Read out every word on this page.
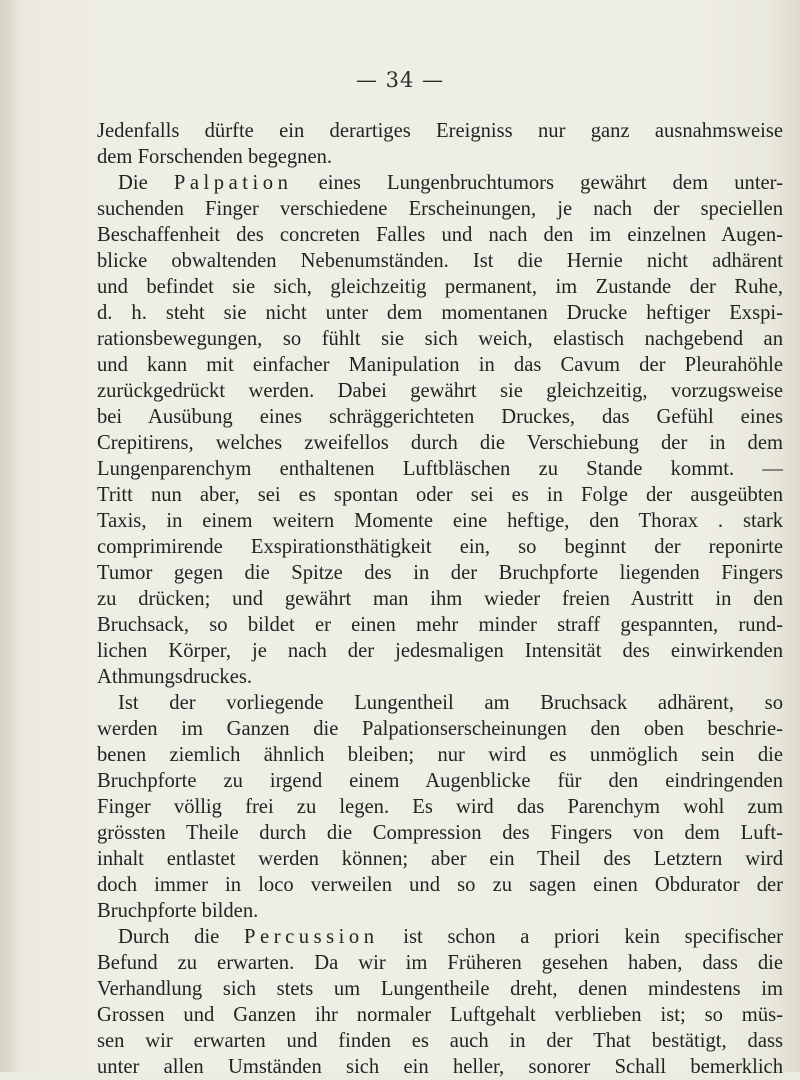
— 34 —
Jedenfalls dürfte ein derartiges Ereigniss nur ganz ausnahmsweise
dem Forschenden begegnen.
Die Palpation eines Lungenbruchtumors gewährt dem unter-
suchenden Finger verschiedene Erscheinungen, je nach der speciellen
Beschaffenheit des concreten Falles und nach den im einzelnen Augen-
blicke obwaltenden Nebenumständen. Ist die Hernie nicht adhärent
und befindet sie sich, gleichzeitig permanent, im Zustande der Ruhe,
d. h. steht sie nicht unter dem momentanen Drucke heftiger Exspi-
rationsbewegungen, so fühlt sie sich weich, elastisch nachgebend an
und kann mit einfacher Manipulation in das Cavum der Pleurahöhle
zurückgedrückt werden. Dabei gewährt sie gleichzeitig, vorzugsweise
bei Ausübung eines schräggerichteten Druckes, das Gefühl eines
Crepitirens, welches zweifellos durch die Verschiebung der in dem
Lungenparenchym enthaltenen Luftbläschen zu Stande kommt. —
Tritt nun aber, sei es spontan oder sei es in Folge der ausgeübten
Taxis, in einem weitern Momente eine heftige, den Thorax . stark
comprimirende Exspirationsthätigkeit ein, so beginnt der reponirte
Tumor gegen die Spitze des in der Bruchpforte liegenden Fingers
zu drücken; und gewährt man ihm wieder freien Austritt in den
Bruchsack, so bildet er einen mehr minder straff gespannten, rund-
lichen Körper, je nach der jedesmaligen Intensität des einwirkenden
Athmungsdruckes.
Ist der vorliegende Lungentheil am Bruchsack adhärent, so
werden im Ganzen die Palpationserscheinungen den oben beschrie-
benen ziemlich ähnlich bleiben; nur wird es unmöglich sein die
Bruchpforte zu irgend einem Augenblicke für den eindringenden
Finger völlig frei zu legen. Es wird das Parenchym wohl zum
grössten Theile durch die Compression des Fingers von dem Luft-
inhalt entlastet werden können; aber ein Theil des Letztern wird
doch immer in loco verweilen und so zu sagen einen Obdurator der
Bruchpforte bilden.
Durch die Percussion ist schon a priori kein specifischer
Befund zu erwarten. Da wir im Früheren gesehen haben, dass die
Verhandlung sich stets um Lungentheile dreht, denen mindestens im
Grossen und Ganzen ihr normaler Luftgehalt verblieben ist; so müs-
sen wir erwarten und finden es auch in der That bestätigt, dass
unter allen Umständen sich ein heller, sonorer Schall bemerklich
